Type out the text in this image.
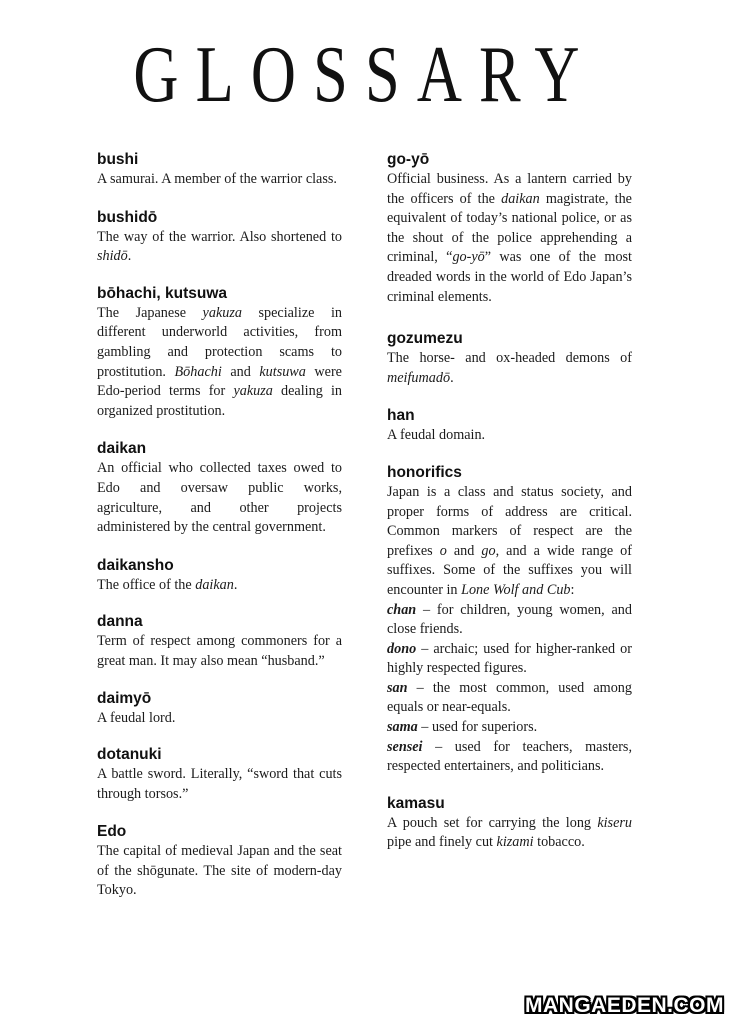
GLOSSARY

bushi

A samurai. A member of the warrior class.

bushidō

The way of the warrior. Also shortened to shidō.

bōhachi, kutsuwa

The Japanese yakuza specialize in different underworld activities, from gambling and protection scams to prostitution. Bōhachi and kutsuwa were Edo-period terms for yakuza dealing in organized prostitution.

daikan

An official who collected taxes owed to Edo and oversaw public works, agriculture, and other projects administered by the central government.

daikansho

The office of the daikan.

danna

Term of respect among commoners for a great man. It may also mean “husband.”

daimyō

A feudal lord.

dotanuki

A battle sword. Literally, “sword that cuts through torsos.”

Edo

The capital of medieval Japan and the seat of the shōgunate. The site of modern-day Tokyo.

go-yō

Official business. As a lantern carried by the officers of the daikan magistrate, the equivalent of today’s national police, or as the shout of the police apprehending a criminal, “go-yō” was one of the most dreaded words in the world of Edo Japan’s criminal elements.

gozumezu

The horse- and ox-headed demons of meifumadō.

han

A feudal domain.

honorifics

Japan is a class and status society, and proper forms of address are critical. Common markers of respect are the prefixes o and go, and a wide range of suffixes. Some of the suffixes you will encounter in Lone Wolf and Cub:
chan – for children, young women, and close friends.
dono – archaic; used for higher-ranked or highly respected figures.
san – the most common, used among equals or near-equals.
sama – used for superiors.
sensei – used for teachers, masters, respected entertainers, and politicians.

kamasu

A pouch set for carrying the long kiseru pipe and finely cut kizami tobacco.

MANGAEDEN.COM
